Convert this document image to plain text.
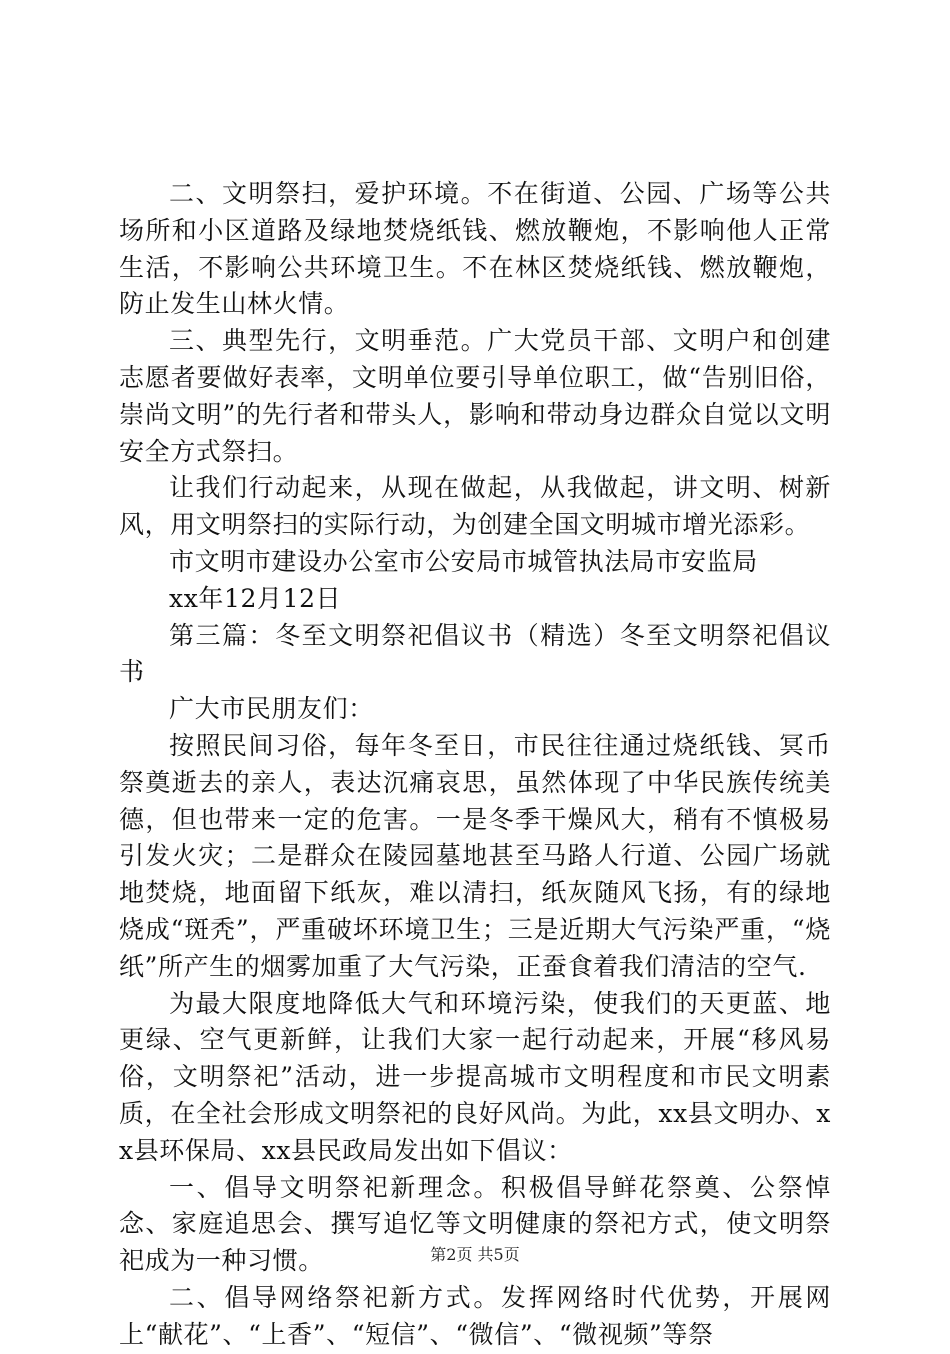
二、文明祭扫，爱护环境。不在街道、公园、广场等公共场所和小区道路及绿地焚烧纸钱、燃放鞭炮，不影响他人正常生活，不影响公共环境卫生。不在林区焚烧纸钱、燃放鞭炮，防止发生山林火情。

三、典型先行，文明垂范。广大党员干部、文明户和创建志愿者要做好表率，文明单位要引导单位职工，做“告别旧俗，崇尚文明”的先行者和带头人，影响和带动身边群众自觉以文明安全方式祭扫。

让我们行动起来，从现在做起，从我做起，讲文明、树新风，用文明祭扫的实际行动，为创建全国文明城市增光添彩。

市文明市建设办公室市公安局市城管执法局市安监局

xx年12月12日

第三篇：冬至文明祭祀倡议书（精选）冬至文明祭祀倡议书

广大市民朋友们：

按照民间习俗，每年冬至日，市民往往通过烧纸钱、冥币祭奠逝去的亲人，表达沉痛哀思，虽然体现了中华民族传统美德，但也带来一定的危害。一是冬季干燥风大，稍有不慎极易引发火灾；二是群众在陵园墓地甚至马路人行道、公园广场就地焚烧，地面留下纸灰，难以清扫，纸灰随风飞扬，有的绿地烧成“斑秃”，严重破坏环境卫生；三是近期大气污染严重，“烧纸”所产生的烟雾加重了大气污染，正蚕食着我们清洁的空气.

为最大限度地降低大气和环境污染，使我们的天更蓝、地更绿、空气更新鲜，让我们大家一起行动起来，开展“移风易俗，文明祭祀”活动，进一步提高城市文明程度和市民文明素质，在全社会形成文明祭祀的良好风尚。为此，xx县文明办、xx县环保局、xx县民政局发出如下倡议：

一、倡导文明祭祀新理念。积极倡导鲜花祭奠、公祭悼念、家庭追思会、撰写追忆等文明健康的祭祀方式，使文明祭祀成为一种习惯。

二、倡导网络祭祀新方式。发挥网络时代优势，开展网上“献花”、“上香”、“短信”、“微信”、“微视频”等祭

第2页 共5页
